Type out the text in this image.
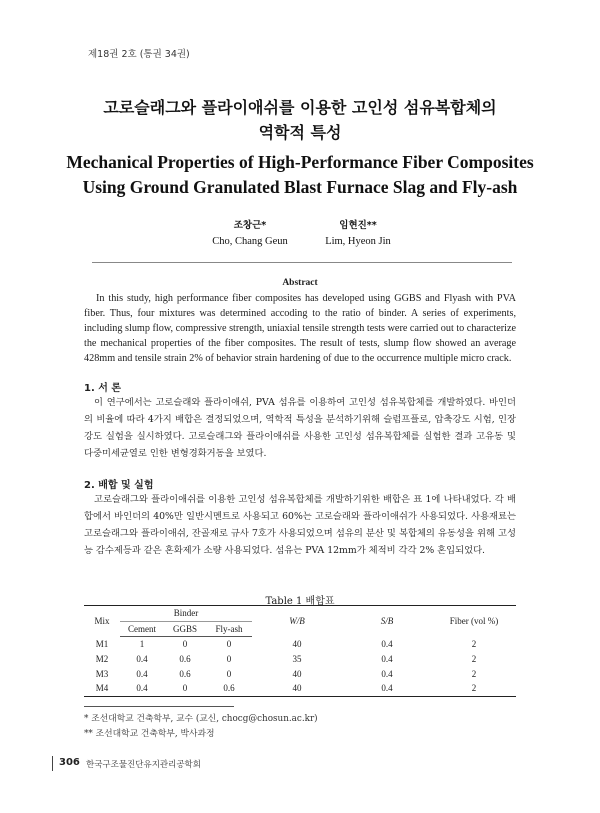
제18권 2호 (통권 34권)
고로슬래그와 플라이애쉬를 이용한 고인성 섬유복합체의
역학적 특성
Mechanical Properties of High-Performance Fiber Composites
Using Ground Granulated Blast Furnace Slag and Fly-ash
조창근*
Cho, Chang Geun
임현진**
Lim, Hyeon Jin
Abstract

In this study, high performance fiber composites has developed using GGBS and Flyash with PVA fiber. Thus, four mixtures was determined accoding to the ratio of binder. A series of experiments, including slump flow, compressive strength, uniaxial tensile strength tests were carried out to characterize the mechanical properties of the fiber composites. The result of tests, slump flow showed an average 428mm and tensile strain 2% of behavior strain hardening of due to the occurrence multiple micro crack.

1. 서 론

이 연구에서는 고로슬래와 플라이애쉬, PVA 섬유를 이용하여 고인성 섬유복합체를 개발하였다. 바인더의 비율에 따라 4가지 배합은 결정되었으며, 역학적 특성을 분석하기위해 슬럼프플로, 압축강도 시험, 인장강도 실험을 실시하였다. 고로슬래그와 플라이애쉬를 사용한 고인성 섬유복합체를 실험한 결과 고유동 및 다중미세균열로 인한 변형경화거동을 보였다.

2. 배합 및 실험

고로슬래그와 플라이애쉬를 이용한 고인성 섬유복합체를 개발하기위한 배합은 표 1에 나타내었다. 각 배합에서 바인더의 40%만 일반시멘트로 사용되고 60%는 고로슬래와 플라이애쉬가 사용되었다. 사용재료는 고로슬래그와 플라이애쉬, 잔골재로 규사 7호가 사용되었으며 섬유의 분산 및 복합체의 유동성을 위해 고성능 감수제등과 같은 혼화제가 소량 사용되었다. 섬유는 PVA 12mm가 체적비 각각 2% 혼입되었다.

Table 1 배합표
Mix	Binder			W/B	S/B	Fiber (vol %)
	Cement	GGBS	Fly-ash			
M1	1	0	0	40	0.4	2
M2	0.4	0.6	0	35	0.4	2
M3	0.4	0.6	0	40	0.4	2
M4	0.4	0	0.6	40	0.4	2
* 조선대학교 건축학부, 교수 (교신, chocg@chosun.ac.kr)
** 조선대학교 건축학부, 박사과정
306 한국구조물진단유지관리공학회
